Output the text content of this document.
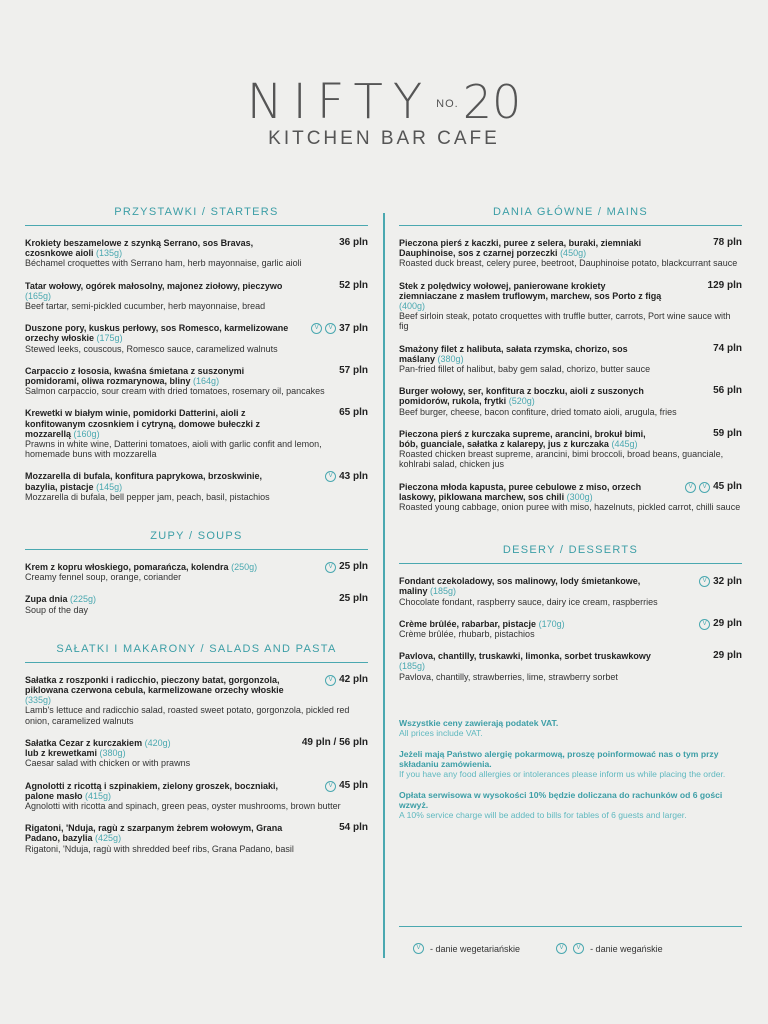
NIFTY NO. 20
KITCHEN BAR CAFE
PRZYSTAWKI / STARTERS
Krokiety beszamelowe z szynką Serrano, sos Bravas, czosnkowe aioli (135g)
Béchamel croquettes with Serrano ham, herb mayonnaise, garlic aioli
36 pln
Tatar wołowy, ogórek małosolny, majonez ziołowy, pieczywo (165g)
Beef tartar, semi-pickled cucumber, herb mayonnaise, bread
52 pln
Duszone pory, kuskus perłowy, sos Romesco, karmelizowane orzechy włoskie (175g)
Stewed leeks, couscous, Romesco sauce, caramelized walnuts
V	V 37 pln
Carpaccio z łososia, kwaśna śmietana z suszonymi pomidorami, oliwa rozmarynowa, bliny (164g)
Salmon carpaccio, sour cream with dried tomatoes, rosemary oil, pancakes
57 pln
Krewetki w białym winie, pomidorki Datterini, aioli z konfitowanym czosnkiem i cytryną, domowe bułeczki z mozzarellą (160g)
Prawns in white wine, Datterini tomatoes, aioli with garlic confit and lemon, homemade buns with mozzarella
65 pln
Mozzarella di bufala, konfitura paprykowa, brzoskwinie, bazylia, pistacje (145g)
Mozzarella di bufala, bell pepper jam, peach, basil, pistachios
V 43 pln
ZUPY / SOUPS
Krem z kopru włoskiego, pomarańcza, kolendra (250g)
Creamy fennel soup, orange, coriander
V 25 pln
Zupa dnia (225g)
Soup of the day
25 pln
SAŁATKI I MAKARONY / SALADS AND PASTA
Sałatka z roszponki i radicchio, pieczony batat, gorgonzola, piklowana czerwona cebula, karmelizowane orzechy włoskie (335g)
Lamb's lettuce and radicchio salad, roasted sweet potato, gorgonzola, pickled red onion, caramelized walnuts
V 42 pln
Sałatka Cezar z kurczakiem (420g)
lub z krewetkami (380g)
Caesar salad with chicken or with prawns
49 pln / 56 pln
Agnolotti z ricottą i szpinakiem, zielony groszek, boczniaki, palone masło (415g)
Agnolotti with ricotta and spinach, green peas, oyster mushrooms, brown butter
V 45 pln
Rigatoni, 'Nduja, ragù z szarpanym żebrem wołowym, Grana Padano, bazylia (425g)
Rigatoni, 'Nduja, ragù with shredded beef ribs, Grana Padano, basil
54 pln
DANIA GŁÓWNE / MAINS
Pieczona pierś z kaczki, puree z selera, buraki, ziemniaki Dauphinoise, sos z czarnej porzeczki (450g)
Roasted duck breast, celery puree, beetroot, Dauphinoise potato, blackcurrant sauce
78 pln
Stek z polędwicy wołowej, panierowane krokiety ziemniaczane z masłem truflowym, marchew, sos Porto z figą (400g)
Beef sirloin steak, potato croquettes with truffle butter, carrots, Port wine sauce with fig
129 pln
Smażony filet z halibuta, sałata rzymska, chorizo, sos maślany (380g)
Pan-fried fillet of halibut, baby gem salad, chorizo, butter sauce
74 pln
Burger wołowy, ser, konfitura z boczku, aioli z suszonych pomidorów, rukola, frytki (520g)
Beef burger, cheese, bacon confiture, dried tomato aioli, arugula, fries
56 pln
Pieczona pierś z kurczaka supreme, arancini, brokuł bimi, bób, guanciale, sałatka z kalarepy, jus z kurczaka (445g)
Roasted chicken breast supreme, arancini, bimi broccoli, broad beans, guanciale, kohlrabi salad, chicken jus
59 pln
Pieczona młoda kapusta, puree cebulowe z miso, orzech laskowy, piklowana marchew, sos chili (300g)
Roasted young cabbage, onion puree with miso, hazelnuts, pickled carrot, chilli sauce
V	V 45 pln
DESERY / DESSERTS
Fondant czekoladowy, sos malinowy, lody śmietankowe, maliny (185g)
Chocolate fondant, raspberry sauce, dairy ice cream, raspberries
V 32 pln
Crème brûlée, rabarbar, pistacje (170g)
Crème brûlée, rhubarb, pistachios
V 29 pln
Pavlova, chantilly, truskawki, limonka, sorbet truskawkowy (185g)
Pavlova, chantilly, strawberries, lime, strawberry sorbet
29 pln
Wszystkie ceny zawierają podatek VAT.
All prices include VAT.
Jeżeli mają Państwo alergię pokarmową, proszę poinformować nas o tym przy składaniu zamówienia.
If you have any food allergies or intolerances please inform us while placing the order.
Opłata serwisowa w wysokości 10% będzie doliczana do rachunków od 6 gości wzwyż.
A 10% service charge will be added to bills for tables of 6 guests and larger.
V	- danie wegetariańskie	V	V	- danie wegańskie
